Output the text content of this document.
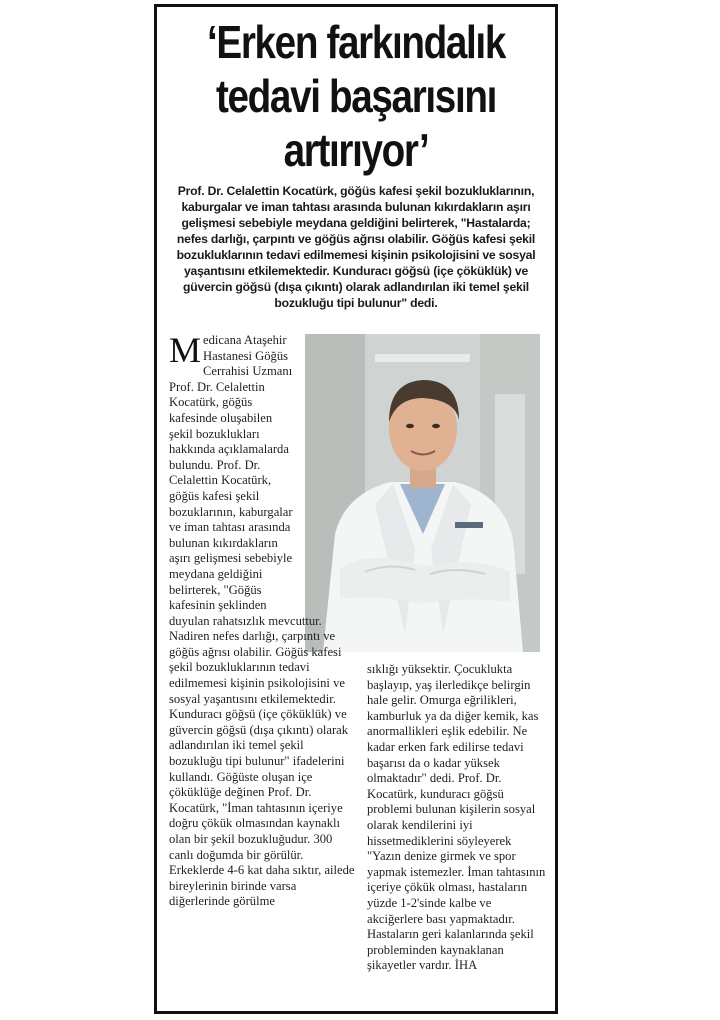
‘Erken farkındalık tedavi başarısını artırıyor’

Prof. Dr. Celalettin Kocatürk, göğüs kafesi şekil bozukluklarının, kaburgalar ve iman tahtası arasında bulunan kıkırdakların aşırı gelişmesi sebebiyle meydana geldiğini belirterek, "Hastalarda; nefes darlığı, çarpıntı ve göğüs ağrısı olabilir. Göğüs kafesi şekil bozukluklarının tedavi edilmemesi kişinin psikolojisini ve sosyal yaşantısını etkilemektedir. Kunduracı göğsü (içe çöküklük) ve güvercin göğsü (dışa çıkıntı) olarak adlandırılan iki temel şekil bozukluğu tipi bulunur" dedi.

M edicana Ataşehir Hastanesi Göğüs Cerrahisi Uzmanı Prof. Dr. Celalettin Kocatürk, göğüs kafesinde oluşabilen şekil bozuklukları hakkında açıklamalarda bulundu. Prof. Dr. Celalettin Kocatürk, göğüs kafesi şekil bozuklarının, kaburgalar ve iman tahtası arasında bulunan kıkırdakların aşırı gelişmesi sebebiyle meydana geldiğini belirterek, "Göğüs kafesinin şeklinden
duyulan rahatsızlık mevcuttur. Nadiren nefes darlığı, çarpıntı ve göğüs ağrısı olabilir. Göğüs kafesi şekil bozukluklarının tedavi edilmemesi kişinin psikolojisini ve sosyal yaşantısını etkilemektedir. Kunduracı göğsü (içe çöküklük) ve güvercin göğsü (dışa çıkıntı) olarak adlandırılan iki temel şekil bozukluğu tipi bulunur" ifadelerini kullandı. Göğüste oluşan içe çöküklüğe değinen Prof. Dr. Kocatürk, "İman tahtasının içeriye doğru çökük olmasından kaynaklı olan bir şekil bozukluğudur. 300 canlı doğumda bir görülür. Erkeklerde 4-6 kat daha sıktır, ailede bireylerinin birinde varsa diğerlerinde görülme

sıklığı yüksektir. Çocuklukta başlayıp, yaş ilerledikçe belirgin hale gelir. Omurga eğrilikleri, kamburluk ya da diğer kemik, kas anormallikleri eşlik edebilir. Ne kadar erken fark edilirse tedavi başarısı da o kadar yüksek olmaktadır" dedi. Prof. Dr. Kocatürk, kunduracı göğsü problemi bulunan kişilerin sosyal olarak kendilerini iyi hissetmediklerini söyleyerek "Yazın denize girmek ve spor yapmak istemezler. İman tahtasının içeriye çökük olması, hastaların yüzde 1-2'sinde kalbe ve akciğerlere bası yapmaktadır. Hastaların geri kalanlarında şekil probleminden kaynaklanan şikayetler vardır. İHA
